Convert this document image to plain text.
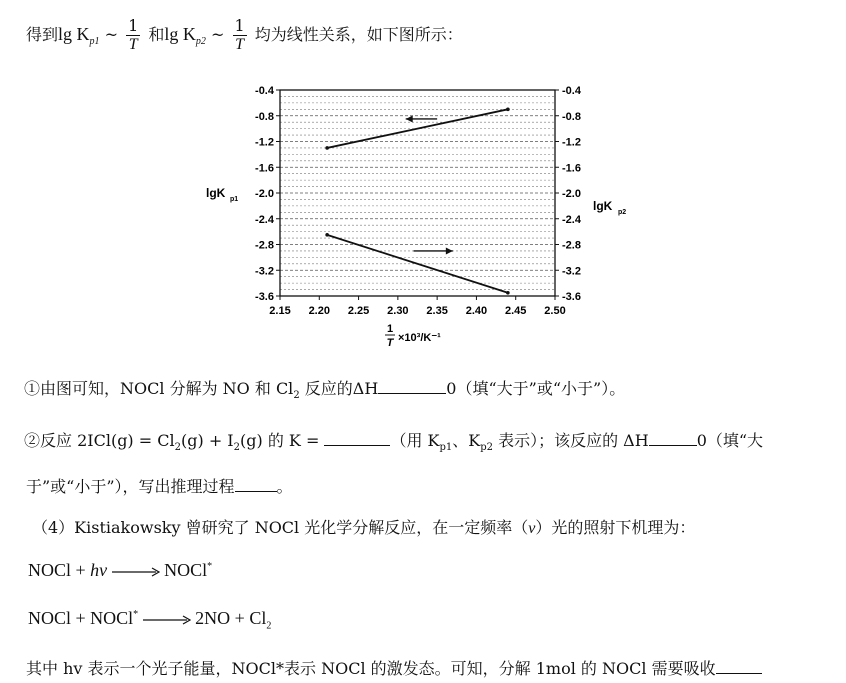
得到$\lg K_{p1}$ ~ $\frac{1}{T}$ 和$\lg K_{p2}$ ~ $\frac{1}{T}$ 均为线性关系，如下图所示：
-0.4
-0.8
-1.2
-1.6
-2.0
-2.4
-2.8
-3.2
-3.6
-0.4
-0.8
-1.2
-1.6
-2.0
-2.4
-2.8
-3.2
-3.6
2.15 2.20 2.25 2.30 2.35 2.40 2.45 2.50
lgK p1	lgK p2
1
T ×10³/K⁻¹
①由图可知，NOCl 分解为 NO 和 $Cl_2$ 反应的ΔH	0（填“大于”或“小于”）。
②反应 $2ICl(g) = Cl_2(g) + I_2(g)$ 的 K =	（用 $K_{p1}$、$K_{p2}$ 表示）；该反应的 ΔH	0（填“大
于”或“小于”），写出推理过程	。
（4）Kistiakowsky 曾研究了 NOCl 光化学分解反应，在一定频率（v）光的照射下机理为：
NOCl + hv	NOCl*
NOCl + NOCl*	$2NO + Cl_2$
其中 hv 表示一个光子能量，NOCl*表示 NOCl 的激发态。可知，分解 1mol 的 NOCl 需要吸收
